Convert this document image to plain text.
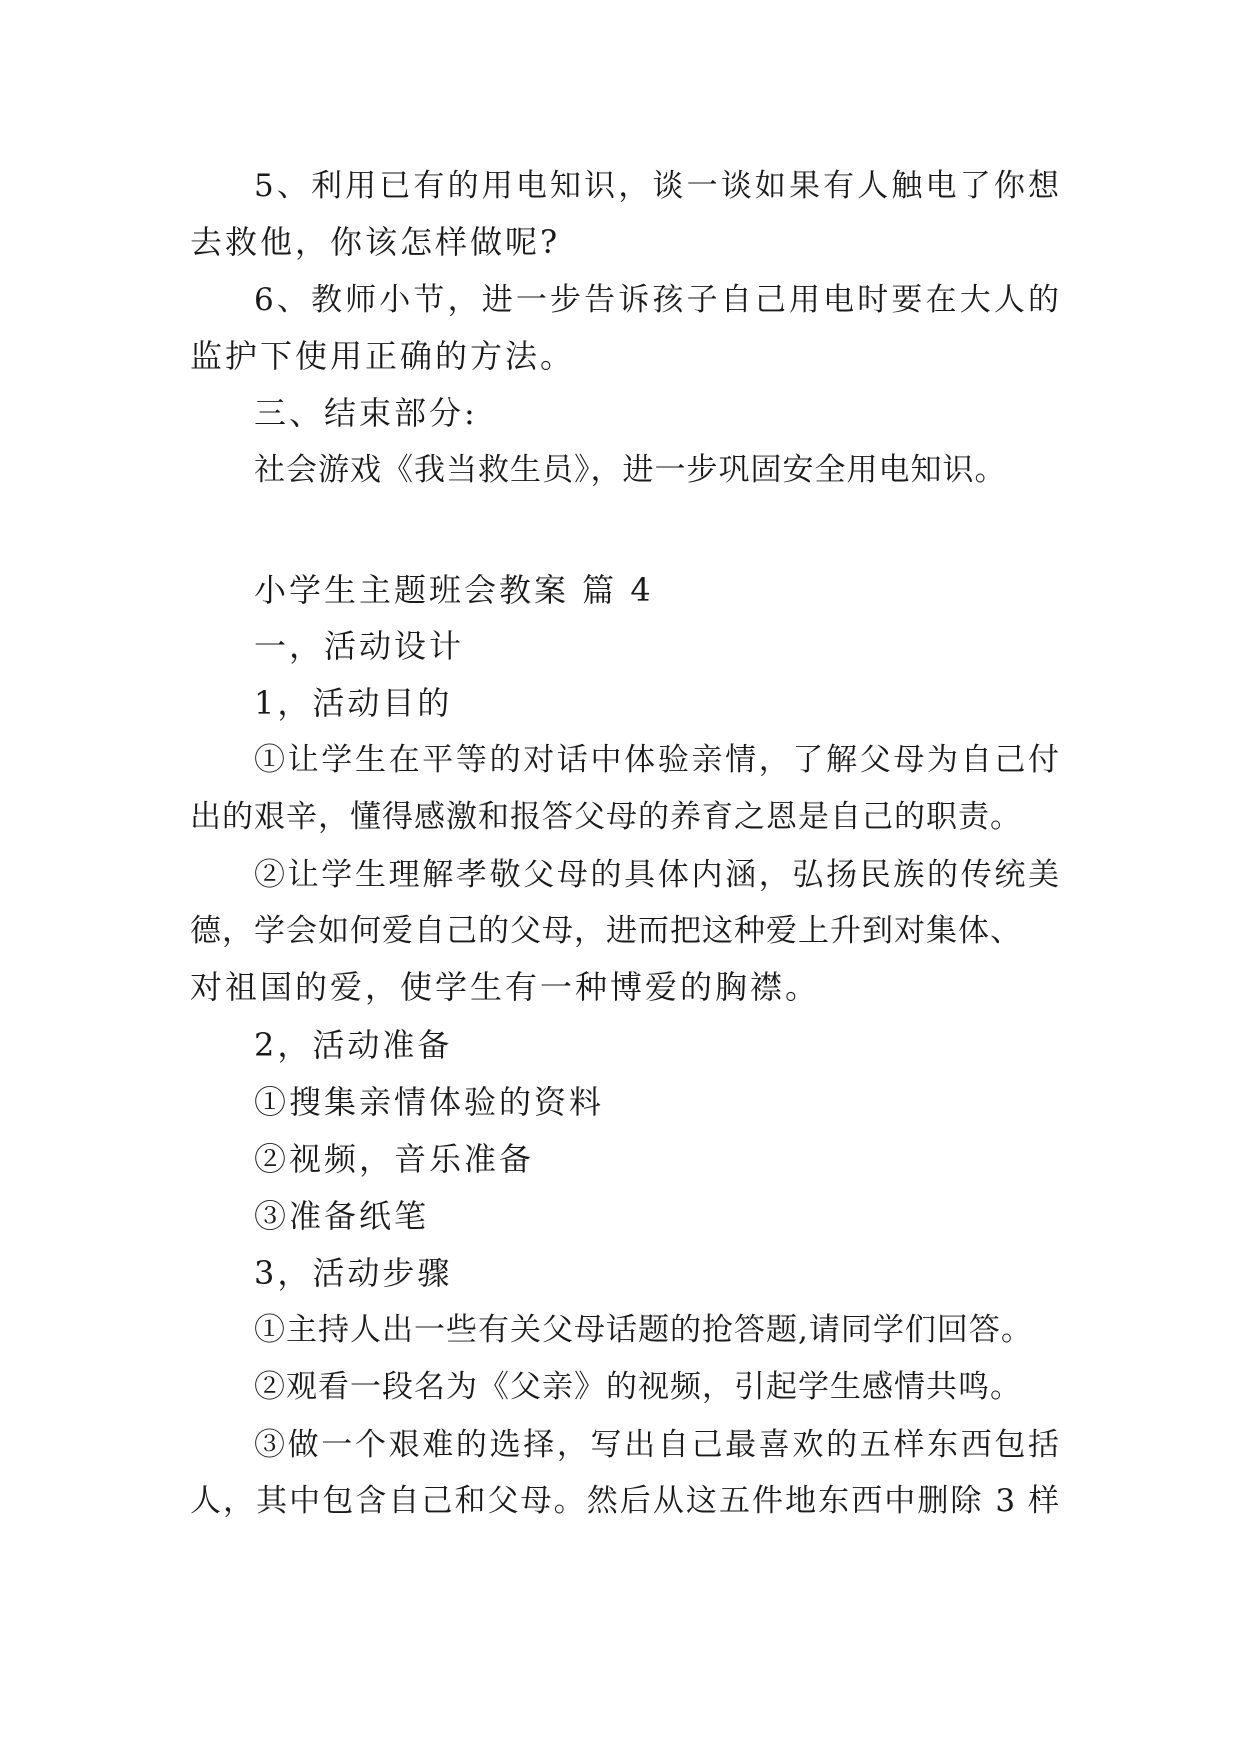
5、利用已有的用电知识，谈一谈如果有人触电了你想
去救他，你该怎样做呢?
6、教师小节，进一步告诉孩子自己用电时要在大人的
监护下使用正确的方法。
三、结束部分:
社会游戏《我当救生员》，进一步巩固安全用电知识。
小学生主题班会教案 篇 4
一，活动设计
1，活动目的
①让学生在平等的对话中体验亲情，了解父母为自己付
出的艰辛，懂得感激和报答父母的养育之恩是自己的职责。
②让学生理解孝敬父母的具体内涵，弘扬民族的传统美
德，学会如何爱自己的父母，进而把这种爱上升到对集体、
对祖国的爱，使学生有一种博爱的胸襟。
2，活动准备
①搜集亲情体验的资料
②视频，音乐准备
③准备纸笔
3，活动步骤
①主持人出一些有关父母话题的抢答题,请同学们回答。
②观看一段名为《父亲》的视频，引起学生感情共鸣。
③做一个艰难的选择，写出自己最喜欢的五样东西包括
人，其中包含自己和父母。然后从这五件地东西中删除 3 样
